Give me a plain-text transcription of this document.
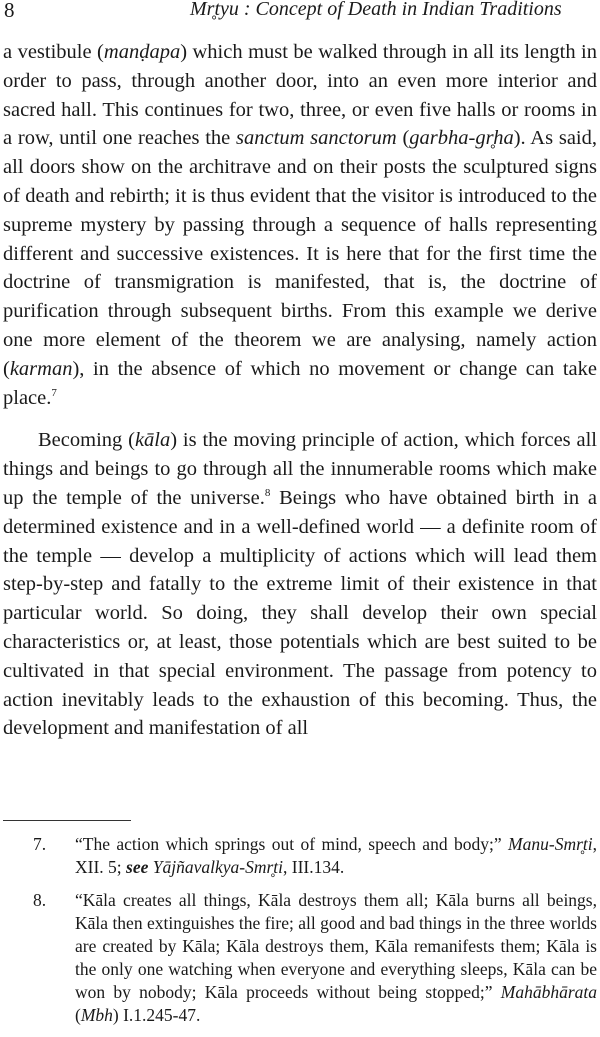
8	Mr̥tyu : Concept of Death in Indian Traditions

a vestibule (manḍapa) which must be walked through in all its length in order to pass, through another door, into an even more interior and sacred hall. This continues for two, three, or even five halls or rooms in a row, until one reaches the sanctum sanctorum (garbha-gr̥ha). As said, all doors show on the architrave and on their posts the sculptured signs of death and rebirth; it is thus evident that the visitor is introduced to the supreme mystery by passing through a sequence of halls representing different and successive existences. It is here that for the first time the doctrine of transmigration is manifested, that is, the doctrine of purification through subsequent births. From this example we derive one more element of the theorem we are analysing, namely action (karman), in the absence of which no movement or change can take place.$^7$

Becoming (kāla) is the moving principle of action, which forces all things and beings to go through all the innumerable rooms which make up the temple of the universe.$^8$ Beings who have obtained birth in a determined existence and in a well-defined world — a definite room of the temple — develop a multiplicity of actions which will lead them step-by-step and fatally to the extreme limit of their existence in that particular world. So doing, they shall develop their own special characteristics or, at least, those potentials which are best suited to be cultivated in that special environment. The passage from potency to action inevitably leads to the exhaustion of this becoming. Thus, the development and manifestation of all

7. “The action which springs out of mind, speech and body;” Manu-Smr̥ti, XII. 5; see Yājñavalkya-Smr̥ti, III.134.
8. “Kāla creates all things, Kāla destroys them all; Kāla burns all beings, Kāla then extinguishes the fire; all good and bad things in the three worlds are created by Kāla; Kāla destroys them, Kāla remanifests them; Kāla is the only one watching when everyone and everything sleeps, Kāla can be won by nobody; Kāla proceeds without being stopped;” Mahābhārata (Mbh) I.1.245-47.
